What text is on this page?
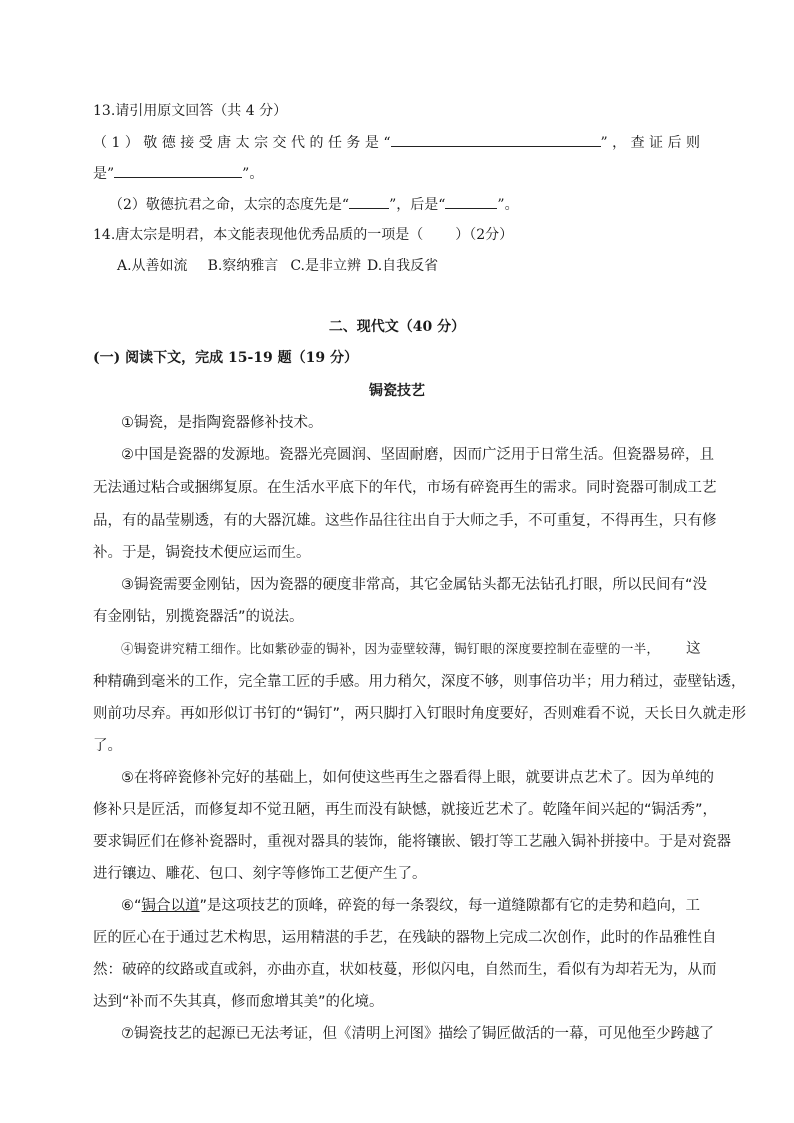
13.请引用原文回答（共 4 分）
（1）敬德接受唐太宗交代的任务是“	”，查证后则
是”	”。
（2）敬德抗君之命，太宗的态度先是“	”，后是“	”。
14.唐太宗是明君，本文能表现他优秀品质的一项是（ ）（2分）
A.从善如流 B.察纳雅言 C.是非立辨 D.自我反省
二、现代文（40 分）
(一) 阅读下文，完成 15-19 题（19 分）
锔瓷技艺
①锔瓷，是指陶瓷器修补技术。
②中国是瓷器的发源地。瓷器光亮圆润、坚固耐磨，因而广泛用于日常生活。但瓷器易碎，且
无法通过粘合或捆绑复原。在生活水平底下的年代，市场有碎瓷再生的需求。同时瓷器可制成工艺
品，有的晶莹剔透，有的大器沉雄。这些作品往往出自于大师之手，不可重复，不得再生，只有修
补。于是，锔瓷技术便应运而生。
③锔瓷需要金刚钻，因为瓷器的硬度非常高，其它金属钻头都无法钻孔打眼，所以民间有“没
有金刚钻，别揽瓷器活”的说法。
④锔瓷讲究精工细作。比如紫砂壶的锔补，因为壶壁较薄，锔钉眼的深度要控制在壶壁的一半， 这
种精确到毫米的工作，完全靠工匠的手感。用力稍欠，深度不够，则事倍功半；用力稍过，壶壁钻透，
则前功尽弃。再如形似订书钉的“锔钉”，两只脚打入钉眼时角度要好，否则难看不说，天长日久就走形
了。
⑤在将碎瓷修补完好的基础上，如何使这些再生之器看得上眼，就要讲点艺术了。因为单纯的
修补只是匠活，而修复却不觉丑陋，再生而没有缺憾，就接近艺术了。乾隆年间兴起的“锔活秀”，
要求锔匠们在修补瓷器时，重视对器具的装饰，能将镶嵌、锻打等工艺融入锔补拼接中。于是对瓷器
进行镶边、雕花、包口、刻字等修饰工艺便产生了。
⑥“锔合以道”是这项技艺的顶峰，碎瓷的每一条裂纹，每一道缝隙都有它的走势和趋向，工
匠的匠心在于通过艺术构思，运用精湛的手艺，在残缺的器物上完成二次创作，此时的作品雅性自
然：破碎的纹路或直或斜，亦曲亦直，状如枝蔓，形似闪电，自然而生，看似有为却若无为，从而
达到“补而不失其真，修而愈增其美”的化境。
⑦锔瓷技艺的起源已无法考证，但《清明上河图》描绘了锔匠做活的一幕，可见他至少跨越了
